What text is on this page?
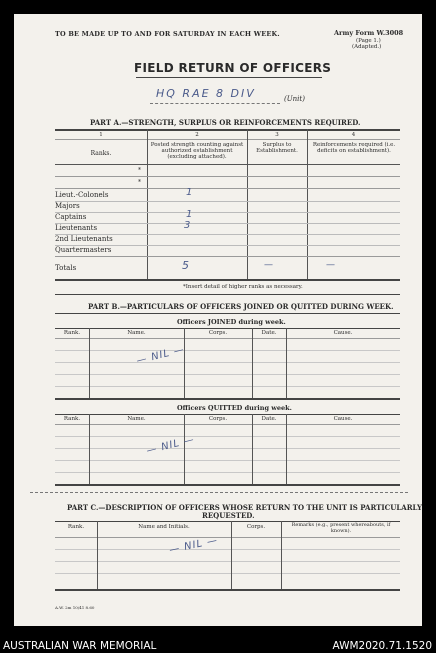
TO BE MADE UP TO AND FOR SATURDAY IN EACH WEEK.	Army Form W.3008
(Page 1.)
(Adapted.)
FIELD RETURN OF OFFICERS
HQ RAE 8 DIV	(Unit)
PART A.—STRENGTH, SURPLUS OR REINFORCEMENTS REQUIRED.
1	2	3	4
Ranks.
Posted strength counting against authorized establishment (excluding attached).
Surplus to Establishment.
Reinforcements required (i.e. deficits on establishment).
*
*
Lieut.-Colonels	1
Majors
Captains	1
Lieutenants	3
2nd Lieutenants
Quartermasters
Totals	5	—	—
*Insert detail of higher ranks as necessary.
PART B.—PARTICULARS OF OFFICERS JOINED OR QUITTED DURING WEEK.
Officers JOINED during week.
Rank.	Name.	Corps.	Date.	Cause.
— NIL —
Officers QUITTED during week.
Rank.	Name.	Corps.	Date.	Cause.
— NIL —
PART C.—DESCRIPTION OF OFFICERS WHOSE RETURN TO THE UNIT IS PARTICULARLY
REQUESTED.
Rank.	Name and Initials.	Corps.	Remarks (e.g., present whereabouts, if known).
— NIL —
A.W. 2m 10/41 8.60
AUSTRALIAN WAR MEMORIAL	AWM2020.71.1520
